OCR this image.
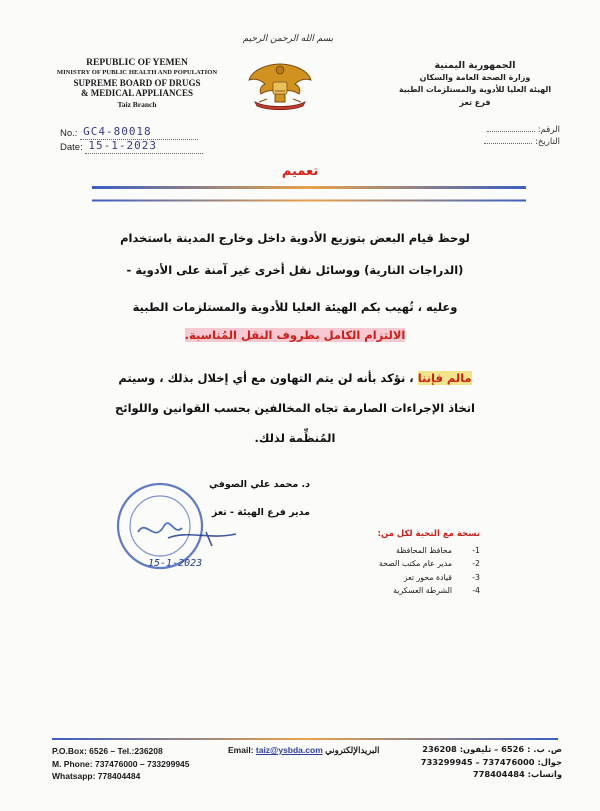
REPUBLIC OF YEMEN
MINISTRY OF PUBLIC HEALTH AND POPULATION
SUPREME BOARD OF DRUGS
& MEDICAL APPLIANCES
Taiz Branch
بسم الله الرحمن الرحيم
الجمهورية اليمنية
وزارة الصحة العامة والسكان
الهيئة العليا للأدوية والمستلزمات الطبية
فرع تعز
No.: GC4-80018
Date: 15-1-2023
الرقم:
التاريخ:
تعميم
لوحظ قيام البعض بتوزيع الأدوية داخل وخارج المدينة باستخدام
(الدراجات النارية) ووسائل نقل أخرى غير آمنة على الأدوية -
وعليه ، تُهيب بكم الهيئة العليا للأدوية والمستلزمات الطبية
الالتزام الكامل بظروف النقل المُناسبة.
مالم فإننا ، نؤكد بأنه لن يتم التهاون مع أي إخلال بذلك ، وسيتم
اتخاذ الإجراءات الصارمة تجاه المخالفين بحسب القوانين واللوائح
المُنظِّمة لذلك.
15-1-2023
د. محمد علي الصوفي
مدير فرع الهيئة - تعز
نسخة مع التحية لكل من:
1-محافظ المحافظة
2-مدير عام مكتب الصحة
3-قيادة محور تعز
4-الشرطة العسكرية
P.O.Box: 6526 – Tel.:236208
M. Phone: 737476000 – 733299945
Whatsapp: 778404484
Email: taiz@ysbda.com البريدالإلكتروني	ص. ب. : 6526 – تليفون: 236208
جوال: 737476000 – 733299945
واتساب: 778404484
